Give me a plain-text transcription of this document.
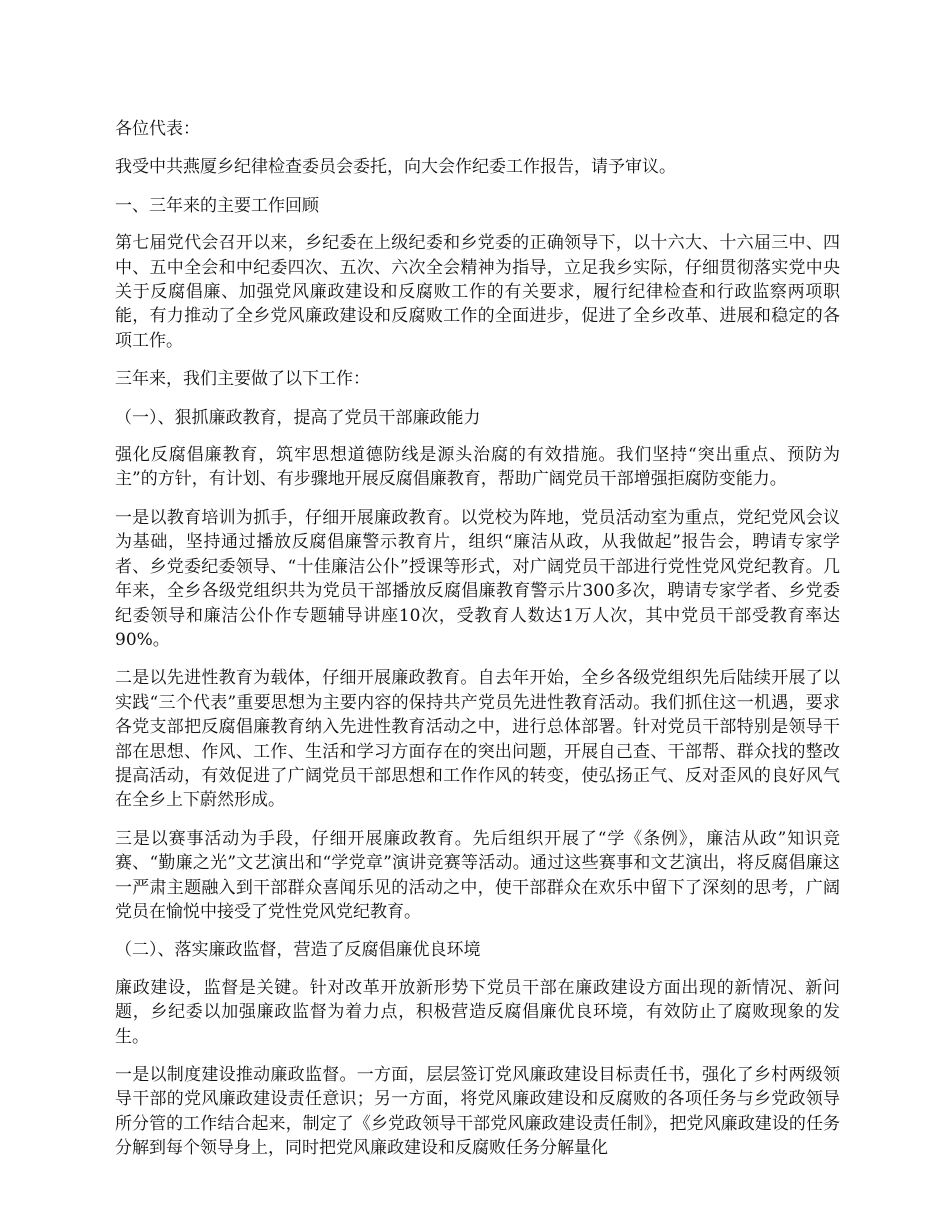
各位代表：

我受中共燕厦乡纪律检查委员会委托，向大会作纪委工作报告，请予审议。

一、三年来的主要工作回顾

第七届党代会召开以来，乡纪委在上级纪委和乡党委的正确领导下，以十六大、十六届三中、四中、五中全会和中纪委四次、五次、六次全会精神为指导，立足我乡实际，仔细贯彻落实党中央关于反腐倡廉、加强党风廉政建设和反腐败工作的有关要求，履行纪律检查和行政监察两项职能，有力推动了全乡党风廉政建设和反腐败工作的全面进步，促进了全乡改革、进展和稳定的各项工作。

三年来，我们主要做了以下工作：

（一）、狠抓廉政教育，提高了党员干部廉政能力

强化反腐倡廉教育，筑牢思想道德防线是源头治腐的有效措施。我们坚持“突出重点、预防为主”的方针，有计划、有步骤地开展反腐倡廉教育，帮助广阔党员干部增强拒腐防变能力。

一是以教育培训为抓手，仔细开展廉政教育。以党校为阵地，党员活动室为重点，党纪党风会议为基础，坚持通过播放反腐倡廉警示教育片，组织“廉洁从政，从我做起”报告会，聘请专家学者、乡党委纪委领导、“十佳廉洁公仆”授课等形式，对广阔党员干部进行党性党风党纪教育。几年来，全乡各级党组织共为党员干部播放反腐倡廉教育警示片300多次，聘请专家学者、乡党委纪委领导和廉洁公仆作专题辅导讲座10次，受教育人数达1万人次，其中党员干部受教育率达90%。

二是以先进性教育为载体，仔细开展廉政教育。自去年开始，全乡各级党组织先后陆续开展了以实践“三个代表”重要思想为主要内容的保持共产党员先进性教育活动。我们抓住这一机遇，要求各党支部把反腐倡廉教育纳入先进性教育活动之中，进行总体部署。针对党员干部特别是领导干部在思想、作风、工作、生活和学习方面存在的突出问题，开展自己查、干部帮、群众找的整改提高活动，有效促进了广阔党员干部思想和工作作风的转变，使弘扬正气、反对歪风的良好风气在全乡上下蔚然形成。

三是以赛事活动为手段，仔细开展廉政教育。先后组织开展了“学《条例》，廉洁从政”知识竞赛、“勤廉之光”文艺演出和“学党章”演讲竞赛等活动。通过这些赛事和文艺演出，将反腐倡廉这一严肃主题融入到干部群众喜闻乐见的活动之中，使干部群众在欢乐中留下了深刻的思考，广阔党员在愉悦中接受了党性党风党纪教育。

（二）、落实廉政监督，营造了反腐倡廉优良环境

廉政建设，监督是关键。针对改革开放新形势下党员干部在廉政建设方面出现的新情况、新问题，乡纪委以加强廉政监督为着力点，积极营造反腐倡廉优良环境，有效防止了腐败现象的发生。

一是以制度建设推动廉政监督。一方面，层层签订党风廉政建设目标责任书，强化了乡村两级领导干部的党风廉政建设责任意识；另一方面，将党风廉政建设和反腐败的各项任务与乡党政领导所分管的工作结合起来，制定了《乡党政领导干部党风廉政建设责任制》，把党风廉政建设的任务分解到每个领导身上，同时把党风廉政建设和反腐败任务分解量化
